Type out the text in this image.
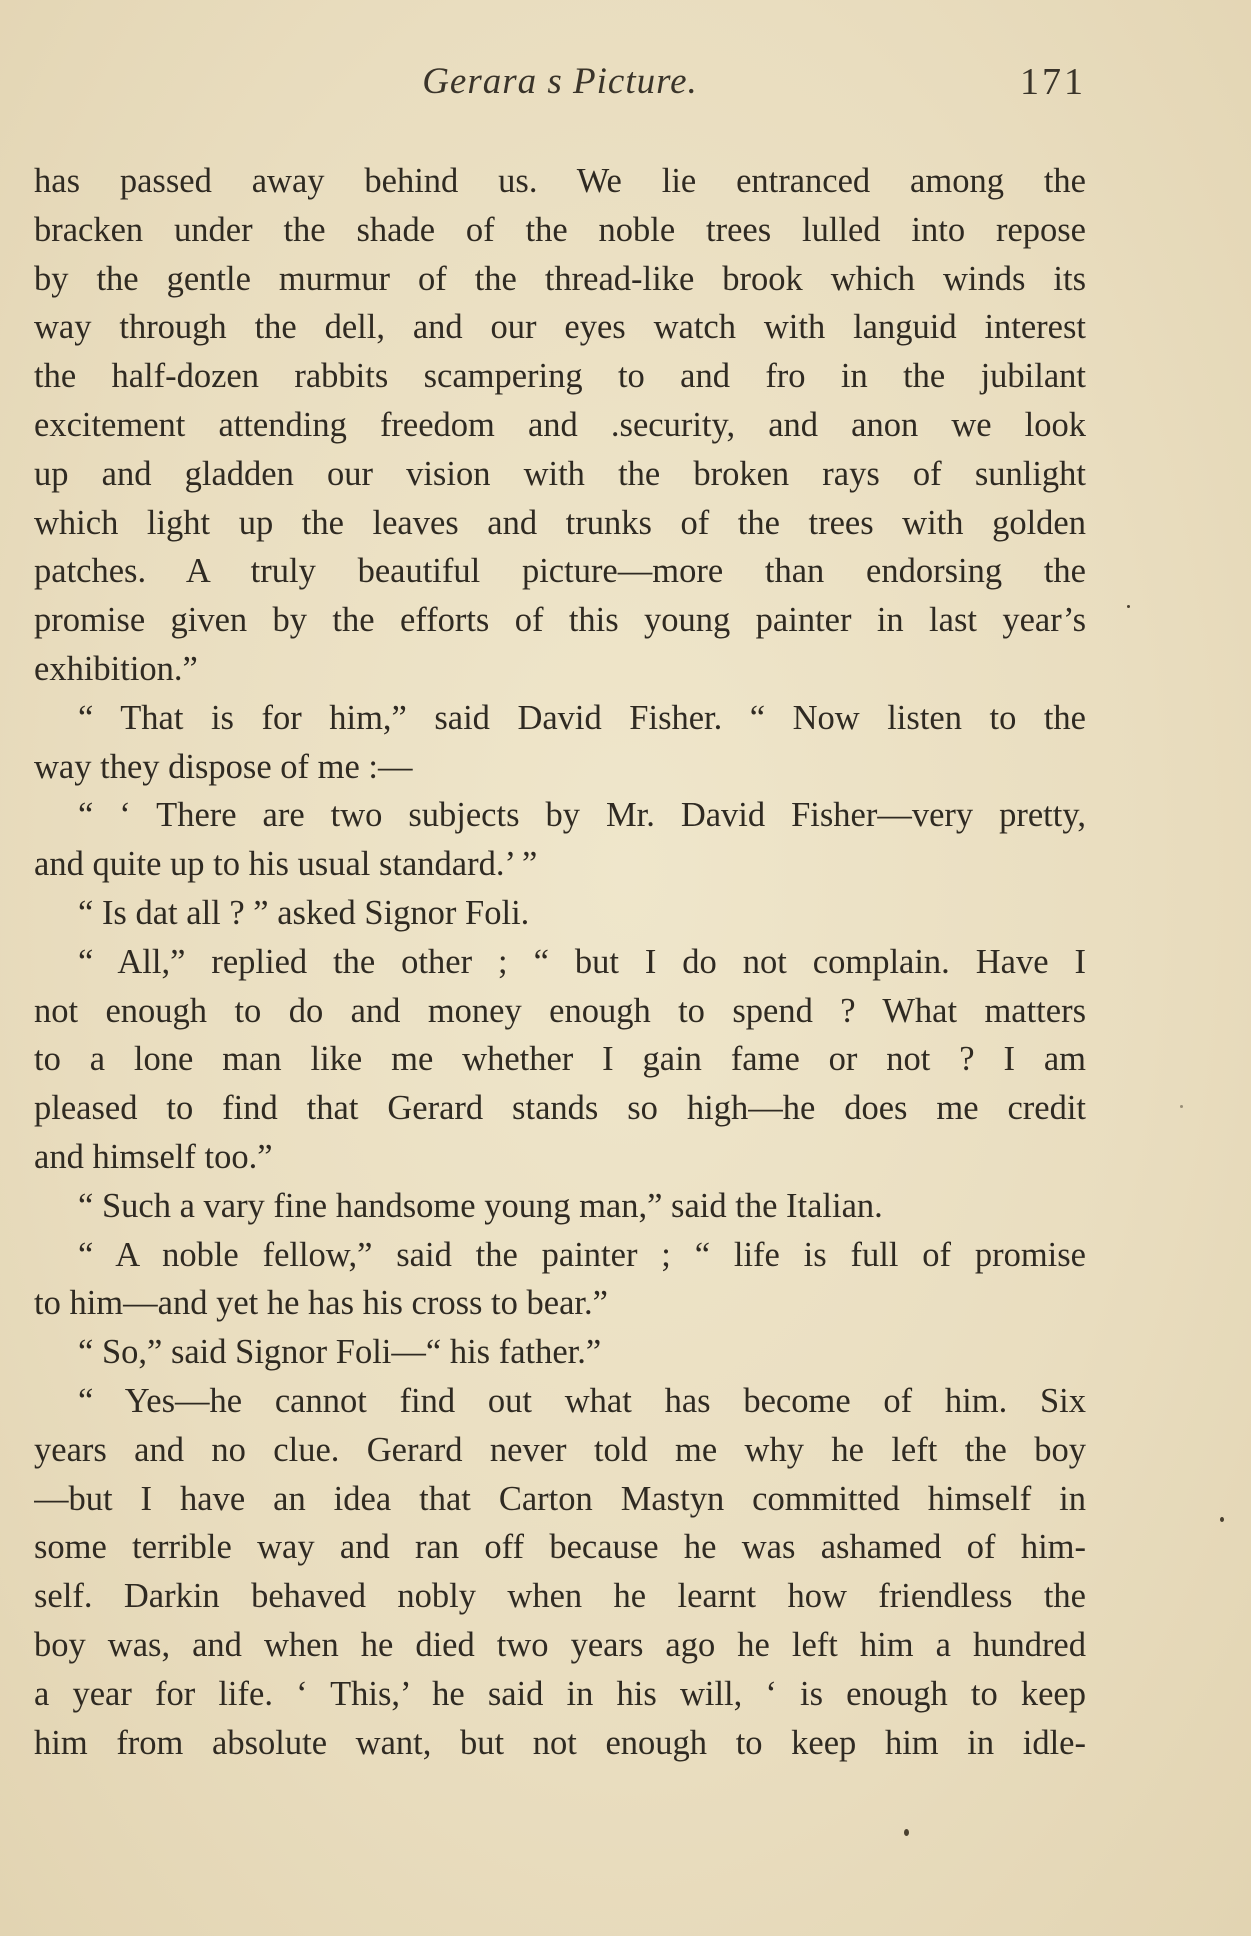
Gerara s Picture.	171
has passed away behind us. We lie entranced among the
bracken under the shade of the noble trees lulled into repose
by the gentle murmur of the thread-like brook which winds its
way through the dell, and our eyes watch with languid interest
the half-dozen rabbits scampering to and fro in the jubilant
excitement attending freedom and .security, and anon we look
up and gladden our vision with the broken rays of sunlight
which light up the leaves and trunks of the trees with golden
patches. A truly beautiful picture—more than endorsing the
promise given by the efforts of this young painter in last year’s
exhibition.”
“ That is for him,” said David Fisher. “ Now listen to the
way they dispose of me :—
“ ‘ There are two subjects by Mr. David Fisher—very pretty,
and quite up to his usual standard.’ ”
“ Is dat all ? ” asked Signor Foli.
“ All,” replied the other ; “ but I do not complain. Have I
not enough to do and money enough to spend ? What matters
to a lone man like me whether I gain fame or not ? I am
pleased to find that Gerard stands so high—he does me credit
and himself too.”
“ Such a vary fine handsome young man,” said the Italian.
“ A noble fellow,” said the painter ; “ life is full of promise
to him—and yet he has his cross to bear.”
“ So,” said Signor Foli—“ his father.”
“ Yes—he cannot find out what has become of him. Six
years and no clue. Gerard never told me why he left the boy
—but I have an idea that Carton Mastyn committed himself in
some terrible way and ran off because he was ashamed of him-
self. Darkin behaved nobly when he learnt how friendless the
boy was, and when he died two years ago he left him a hundred
a year for life. ‘ This,’ he said in his will, ‘ is enough to keep
him from absolute want, but not enough to keep him in idle-
